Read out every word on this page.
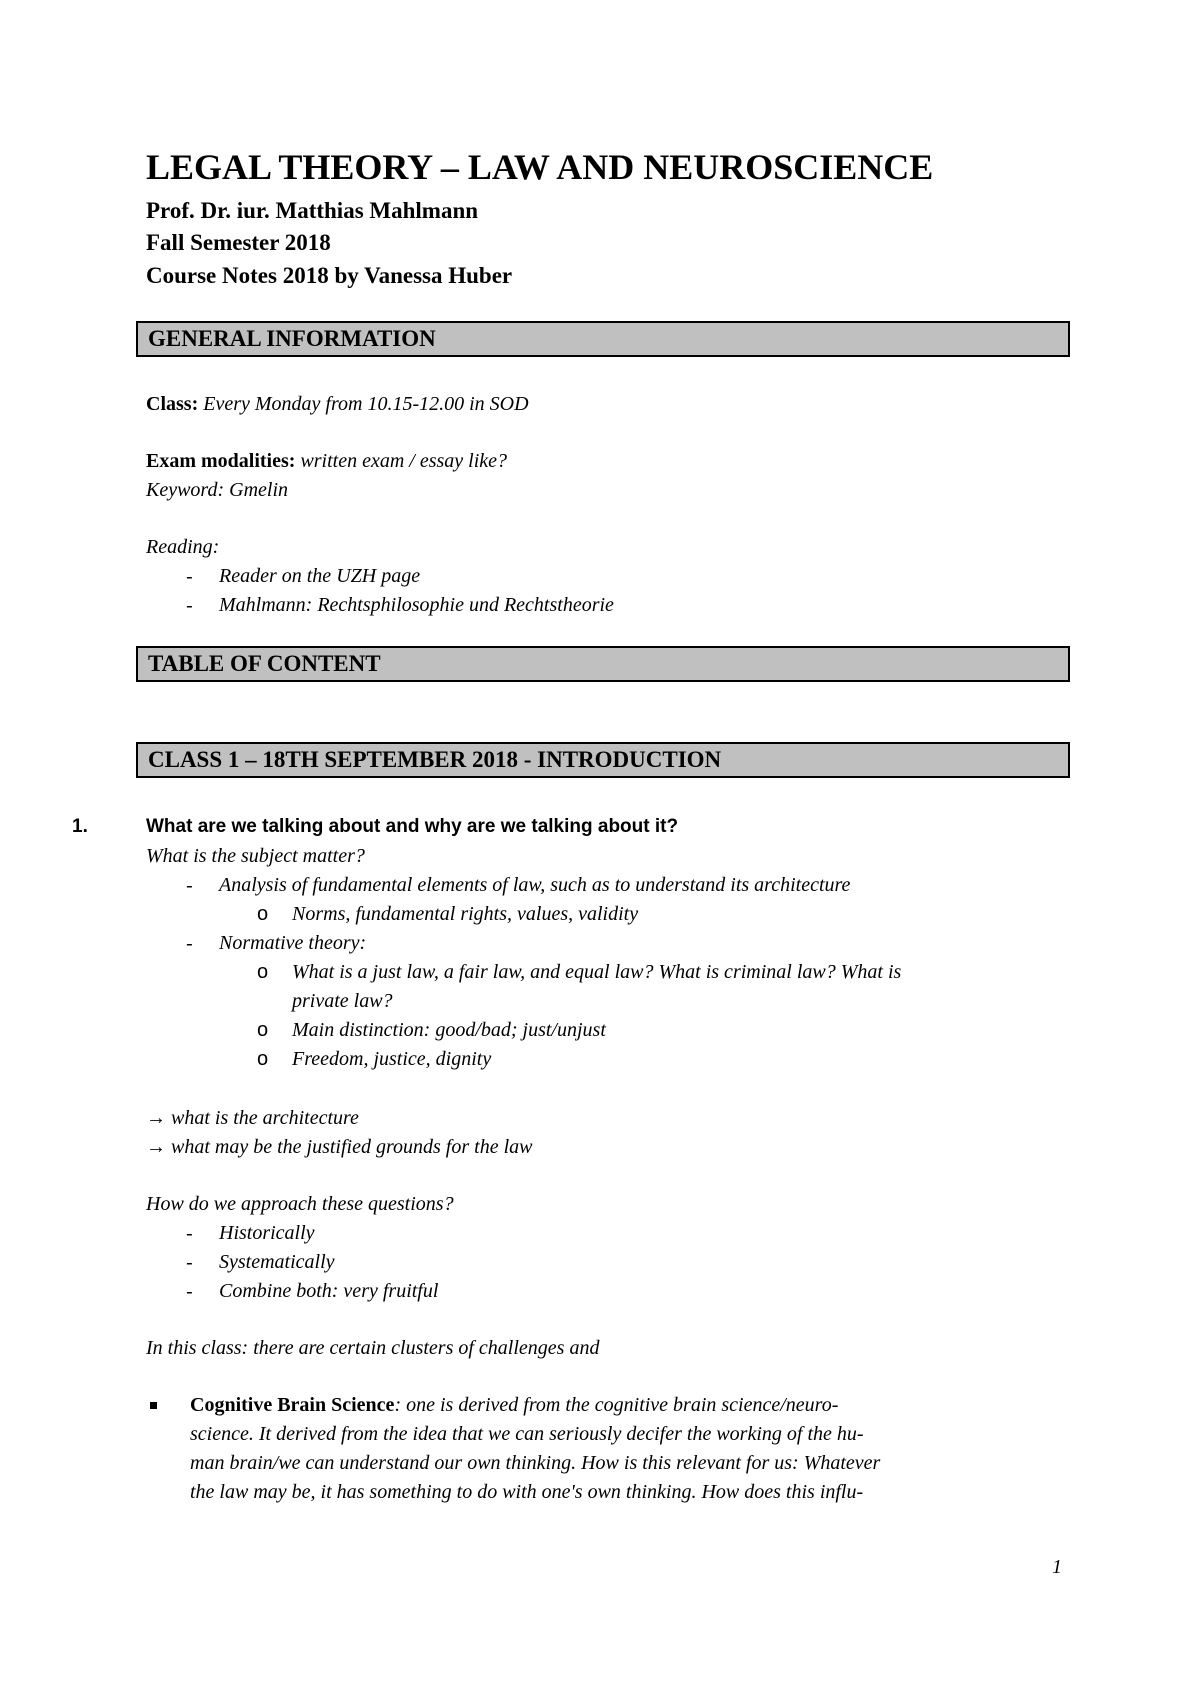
LEGAL THEORY – LAW AND NEUROSCIENCE
Prof. Dr. iur. Matthias Mahlmann
Fall Semester 2018
Course Notes 2018 by Vanessa Huber
GENERAL INFORMATION
Class: Every Monday from 10.15-12.00 in SOD
Exam modalities: written exam / essay like?
Keyword: Gmelin
Reading:
- Reader on the UZH page
- Mahlmann: Rechtsphilosophie und Rechtstheorie
TABLE OF CONTENT
CLASS 1 – 18TH SEPTEMBER 2018 - INTRODUCTION
1.	What are we talking about and why are we talking about it?
What is the subject matter?
- Analysis of fundamental elements of law, such as to understand its architecture
o Norms, fundamental rights, values, validity
- Normative theory:
o What is a just law, a fair law, and equal law? What is criminal law? What is
private law?
o Main distinction: good/bad; just/unjust
o Freedom, justice, dignity
→ what is the architecture
→ what may be the justified grounds for the law
How do we approach these questions?
- Historically
- Systematically
- Combine both: very fruitful
In this class: there are certain clusters of challenges and
Cognitive Brain Science: one is derived from the cognitive brain science/neuro-
science. It derived from the idea that we can seriously decifer the working of the hu-
man brain/we can understand our own thinking. How is this relevant for us: Whatever
the law may be, it has something to do with one's own thinking. How does this influ-
1
